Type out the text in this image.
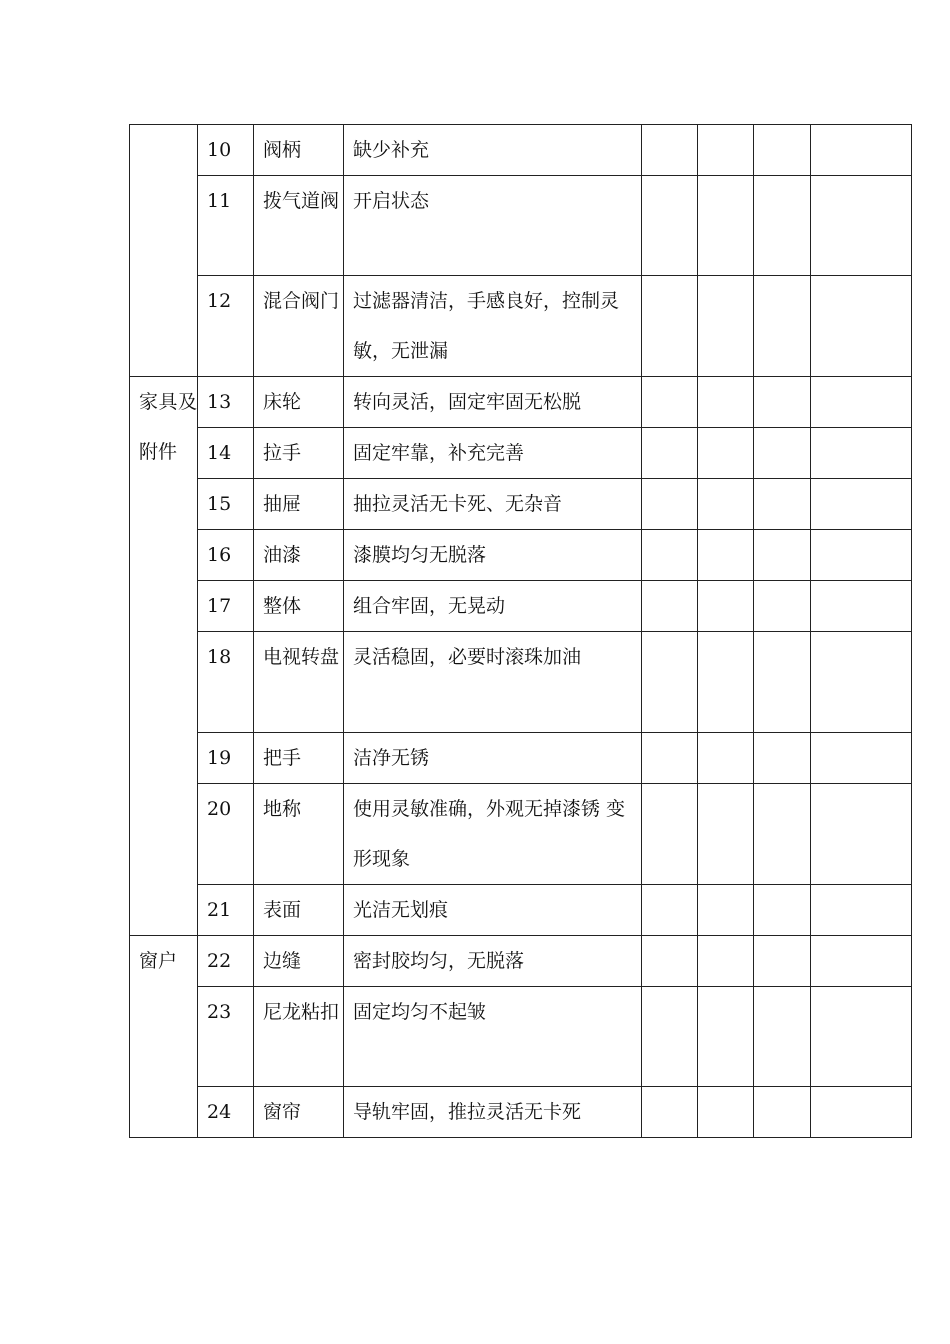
	10	阀柄	缺少补充				
	11	拨气道阀	开启状态				
	12	混合阀门	过滤器清洁，手感良好，控制灵敏，无泄漏				
家具及附件	13	床轮	转向灵活，固定牢固无松脱				
	14	拉手	固定牢靠，补充完善				
	15	抽屉	抽拉灵活无卡死、无杂音				
	16	油漆	漆膜均匀无脱落				
	17	整体	组合牢固，无晃动				
	18	电视转盘	灵活稳固，必要时滚珠加油				
	19	把手	洁净无锈				
	20	地称	使用灵敏准确，外观无掉漆锈 变形现象				
	21	表面	光洁无划痕				
窗户	22	边缝	密封胶均匀，无脱落				
	23	尼龙粘扣	固定均匀不起皱				
	24	窗帘	导轨牢固，推拉灵活无卡死				
